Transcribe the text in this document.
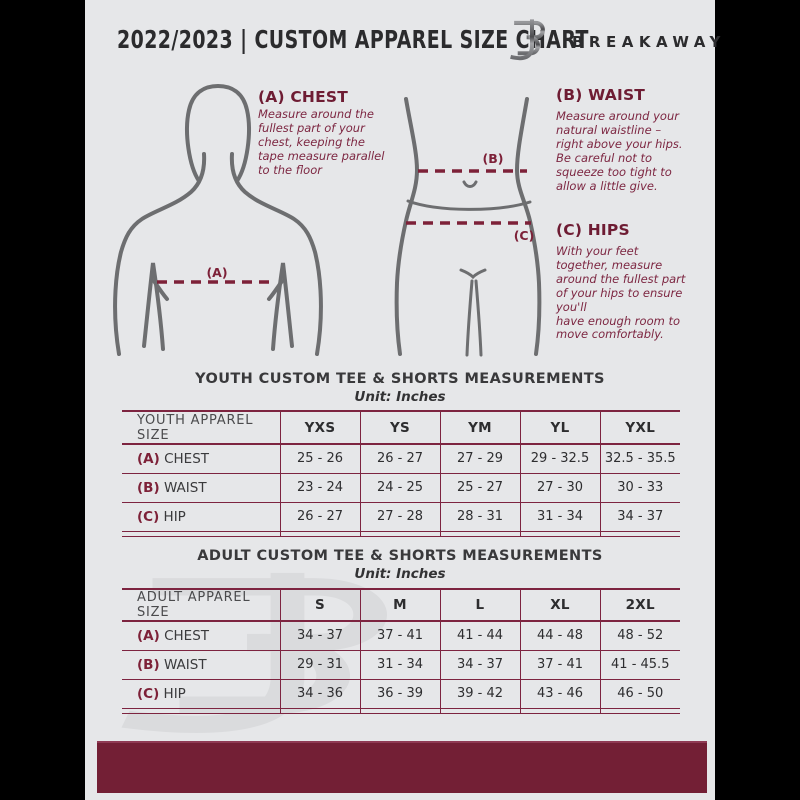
2022/2023 | CUSTOM APPAREL SIZE CHART
BREAKAWAY
(A)
(B)
(C)
(A) CHEST
Measure around the
fullest part of your
chest, keeping the
tape measure parallel
to the floor
(B) WAIST
Measure around your
natural waistline –
right above your hips.
Be careful not to
squeeze too tight to
allow a little give.
(C) HIPS
With your feet
together, measure
around the fullest part
of your hips to ensure
you'll
have enough room to
move comfortably.
YOUTH CUSTOM TEE & SHORTS MEASUREMENTS
Unit: Inches
YOUTH APPAREL SIZE	YXS	YS	YM	YL	YXL
(A) CHEST	25 - 26	26 - 27	27 - 29	29 - 32.5	32.5 - 35.5
(B) WAIST	23 - 24	24 - 25	25 - 27	27 - 30	30 - 33
(C) HIP	26 - 27	27 - 28	28 - 31	31 - 34	34 - 37

ADULT CUSTOM TEE & SHORTS MEASUREMENTS
Unit: Inches
ADULT APPAREL SIZE	S	M	L	XL	2XL
(A) CHEST	34 - 37	37 - 41	41 - 44	44 - 48	48 - 52
(B) WAIST	29 - 31	31 - 34	34 - 37	37 - 41	41 - 45.5
(C) HIP	34 - 36	36 - 39	39 - 42	43 - 46	46 - 50
